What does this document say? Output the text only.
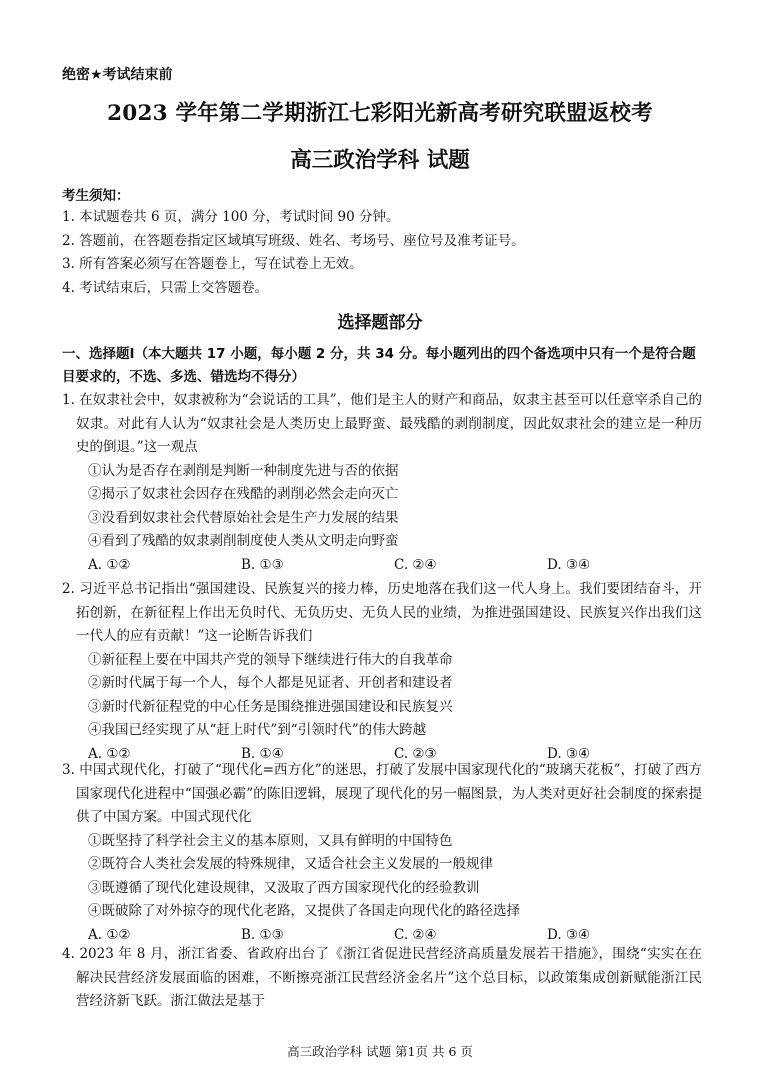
绝密★考试结束前
2023 学年第二学期浙江七彩阳光新高考研究联盟返校考
高三政治学科 试题
考生须知：
1. 本试题卷共 6 页，满分 100 分，考试时间 90 分钟。
2. 答题前，在答题卷指定区域填写班级、姓名、考场号、座位号及准考证号。
3. 所有答案必须写在答题卷上，写在试卷上无效。
4. 考试结束后，只需上交答题卷。
选择题部分
一、选择题Ⅰ（本大题共 17 小题，每小题 2 分，共 34 分。每小题列出的四个备选项中只有一个是符合题目要求的，不选、多选、错选均不得分）

1. 在奴隶社会中，奴隶被称为“会说话的工具”，他们是主人的财产和商品，奴隶主甚至可以任意宰杀自己的奴隶。对此有人认为“奴隶社会是人类历史上最野蛮、最残酷的剥削制度，因此奴隶社会的建立是一种历史的倒退。”这一观点

①认为是否存在剥削是判断一种制度先进与否的依据

②揭示了奴隶社会因存在残酷的剥削必然会走向灭亡

③没看到奴隶社会代替原始社会是生产力发展的结果

④看到了残酷的奴隶剥削制度使人类从文明走向野蛮

A. ①②	B. ①③	C. ②④	D. ③④

2. 习近平总书记指出“强国建设、民族复兴的接力棒，历史地落在我们这一代人身上。我们要团结奋斗，开拓创新，在新征程上作出无负时代、无负历史、无负人民的业绩，为推进强国建设、民族复兴作出我们这一代人的应有贡献！”这一论断告诉我们

①新征程上要在中国共产党的领导下继续进行伟大的自我革命

②新时代属于每一个人，每个人都是见证者、开创者和建设者

③新时代新征程党的中心任务是围绕推进强国建设和民族复兴

④我国已经实现了从“赶上时代”到“引领时代”的伟大跨越

A. ①②	B. ①④	C. ②③	D. ③④

3. 中国式现代化，打破了“现代化=西方化”的迷思，打破了发展中国家现代化的“玻璃天花板”，打破了西方国家现代化进程中“国强必霸”的陈旧逻辑，展现了现代化的另一幅图景，为人类对更好社会制度的探索提供了中国方案。中国式现代化

①既坚持了科学社会主义的基本原则，又具有鲜明的中国特色

②既符合人类社会发展的特殊规律，又适合社会主义发展的一般规律

③既遵循了现代化建设规律，又汲取了西方国家现代化的经验教训

④既破除了对外掠夺的现代化老路，又提供了各国走向现代化的路径选择

A. ①②	B. ①③	C. ②④	D. ③④

4. 2023 年 8 月，浙江省委、省政府出台了《浙江省促进民营经济高质量发展若干措施》，围绕“实实在在解决民营经济发展面临的困难，不断擦亮浙江民营经济金名片”这个总目标，以政策集成创新赋能浙江民营经济新飞跃。浙江做法是基于

高三政治学科 试题 第1页 共 6 页
